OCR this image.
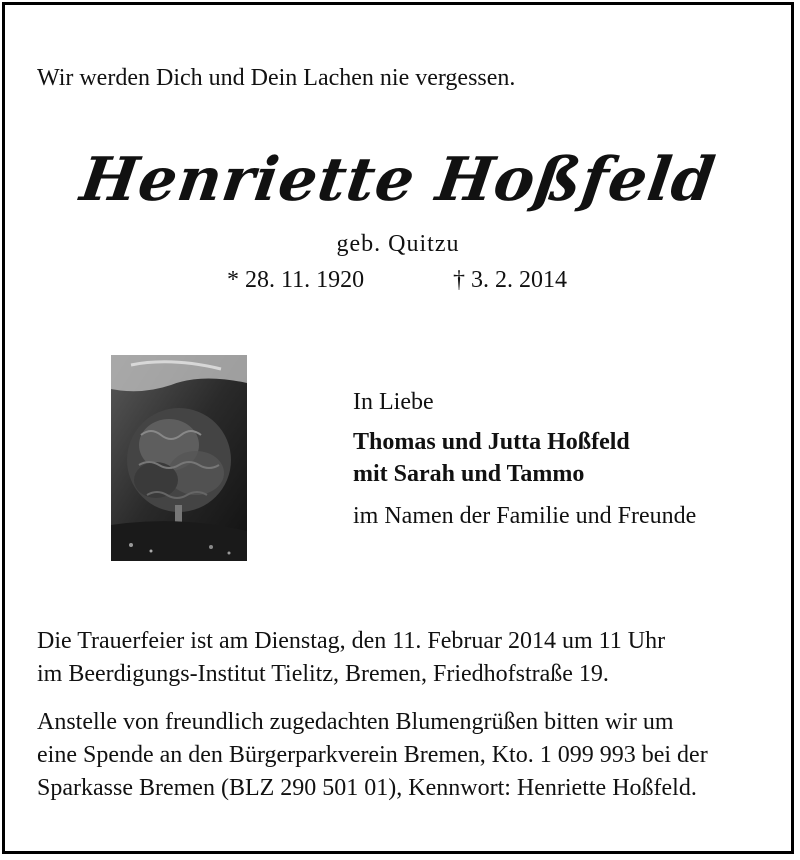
Wir werden Dich und Dein Lachen nie vergessen.
Henriette Hoßfeld
geb. Quitzu
* 28. 11. 1920	† 3. 2. 2014
In Liebe
Thomas und Jutta Hoßfeld
mit Sarah und Tammo
im Namen der Familie und Freunde
Die Trauerfeier ist am Dienstag, den 11. Februar 2014 um 11 Uhr
im Beerdigungs-Institut Tielitz, Bremen, Friedhofstraße 19.
Anstelle von freundlich zugedachten Blumengrüßen bitten wir um
eine Spende an den Bürgerparkverein Bremen, Kto. 1 099 993 bei der
Sparkasse Bremen (BLZ 290 501 01), Kennwort: Henriette Hoßfeld.
